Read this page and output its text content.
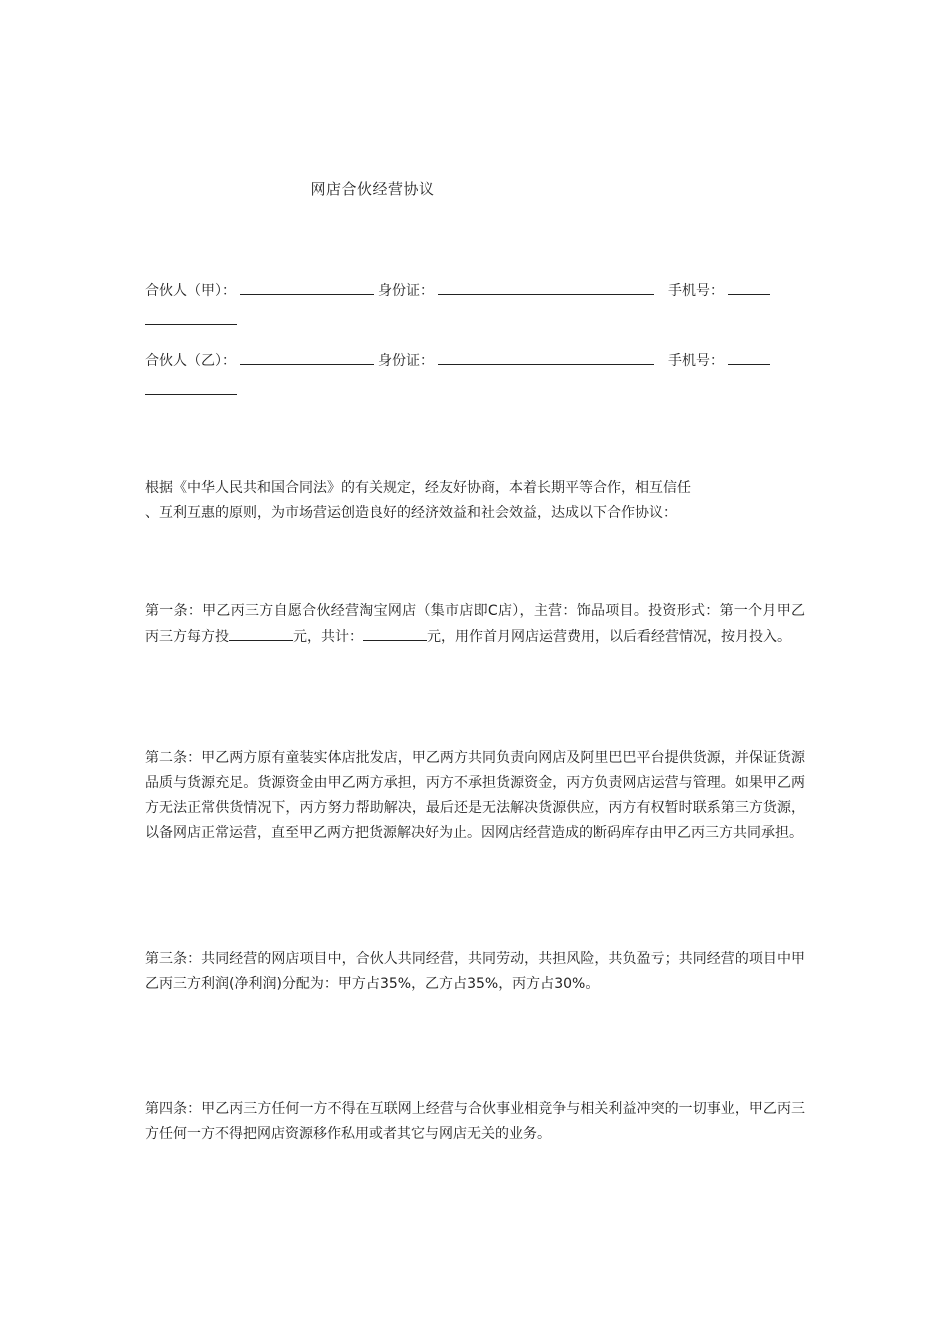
网店合伙经营协议
合伙人（甲）：	身份证：	手机号：
合伙人（乙）：	身份证：	手机号：
根据《中华人民共和国合同法》的有关规定，经友好协商，本着长期平等合作，相互信任
、互利互惠的原则，为市场营运创造良好的经济效益和社会效益，达成以下合作协议：
第一条：甲乙丙三方自愿合伙经营淘宝网店（集市店即C店），主营：饰品项目。投资形式：第一个月甲乙丙三方每方投	元，共计：	元，用作首月网店运营费用，以后看经营情况，按月投入。
第二条：甲乙两方原有童装实体店批发店，甲乙两方共同负责向网店及阿里巴巴平台提供货源，并保证货源品质与货源充足。货源资金由甲乙两方承担，丙方不承担货源资金，丙方负责网店运营与管理。如果甲乙两方无法正常供货情况下，丙方努力帮助解决，最后还是无法解决货源供应，丙方有权暂时联系第三方货源，以备网店正常运营，直至甲乙两方把货源解决好为止。因网店经营造成的断码库存由甲乙丙三方共同承担。
第三条：共同经营的网店项目中，合伙人共同经营，共同劳动，共担风险，共负盈亏；共同经营的项目中甲乙丙三方利润(净利润)分配为：甲方占35%，乙方占35%，丙方占30%。
第四条：甲乙丙三方任何一方不得在互联网上经营与合伙事业相竞争与相关利益冲突的一切事业，甲乙丙三方任何一方不得把网店资源移作私用或者其它与网店无关的业务。
